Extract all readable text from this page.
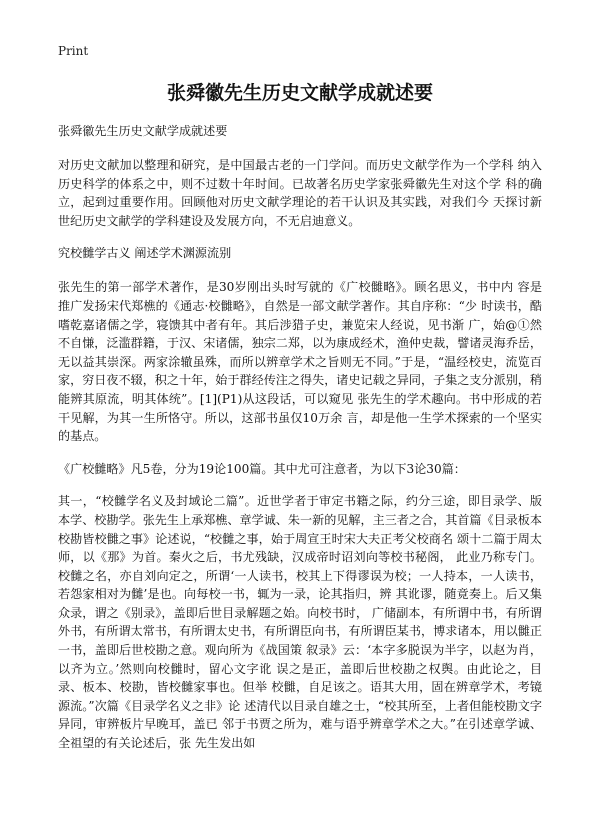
Print
张舜徽先生历史文献学成就述要

张舜徽先生历史文献学成就述要

对历史文献加以整理和研究，是中国最古老的一门学问。而历史文献学作为一个学科 纳入历史科学的体系之中，则不过数十年时间。已故著名历史学家张舜徽先生对这个学 科的确立，起到过重要作用。回顾他对历史文献学理论的若干认识及其实践，对我们今 天探讨新世纪历史文献学的学科建设及发展方向，不无启迪意义。

究校雠学古义 阐述学术渊源流别

张先生的第一部学术著作，是30岁刚出头时写就的《广校雠略》。顾名思义，书中内 容是推广发扬宋代郑樵的《通志·校雠略》，自然是一部文献学著作。其自序称：“少 时读书，酷嗜乾嘉诸儒之学，寝馈其中者有年。其后涉猎子史，兼览宋人经说，见书渐 广，始@①然不自慊，泛滥群籍，于汉、宋诸儒，独宗二郑，以为康成经术，渔仲史裁，譬诸灵海乔岳，无以益其崇深。两家涂辙虽殊，而所以辨章学术之旨则无不同。”于是，“温经校史，流览百家，穷日夜不辍，积之十年，始于群经传注之得失，诸史记载之异同，子集之支分派别，稍能辨其原流，明其体统”。[1](P1)从这段话，可以窥见 张先生的学术趣向。书中形成的若干见解，为其一生所恪守。所以，这部书虽仅10万余 言，却是他一生学术探索的一个坚实的基点。

《广校雠略》凡5卷，分为19论100篇。其中尤可注意者，为以下3论30篇：

其一，“校雠学名义及封域论二篇”。近世学者于审定书籍之际，约分三途，即目录学、版本学、校勘学。张先生上承郑樵、章学诚、朱一新的见解，主三者之合，其首篇《目录板本校勘皆校雠之事》论述说，“校雠之事，始于周宣王时宋大夫正考父校商名 颂十二篇于周太师，以《那》为首。秦火之后，书尤残缺，汉成帝时诏刘向等校书秘阁， 此业乃称专门。校雠之名，亦自刘向定之，所谓‘一人读书，校其上下得谬误为校；一人持本，一人读书，若怨家相对为雠’是也。向每校一书，辄为一录，论其指归，辨 其讹谬，随竟奏上。后又集众录，谓之《别录》，盖即后世目录解题之始。向校书时， 广储副本，有所谓中书，有所谓外书，有所谓太常书，有所谓太史书，有所谓臣向书，有所谓臣某书，博求诸本，用以雠正一书，盖即后世校勘之意。观向所为《战国策 叙录》云：‘本字多脱误为半字，以赵为肖，以齐为立。’然则向校雠时，留心文字讹 误之是正，盖即后世校勘之权舆。由此论之，目录、板本、校勘，皆校雠家事也。但举 校雠，自足该之。语其大用，固在辨章学术，考镜源流。”次篇《目录学名义之非》论 述清代以目录自雄之士，“校其所至，上者但能校勘文字异同，审辨板片早晚耳，盖已 邻于书贾之所为，难与语乎辨章学术之大。”在引述章学诚、全祖望的有关论述后，张 先生发出如
